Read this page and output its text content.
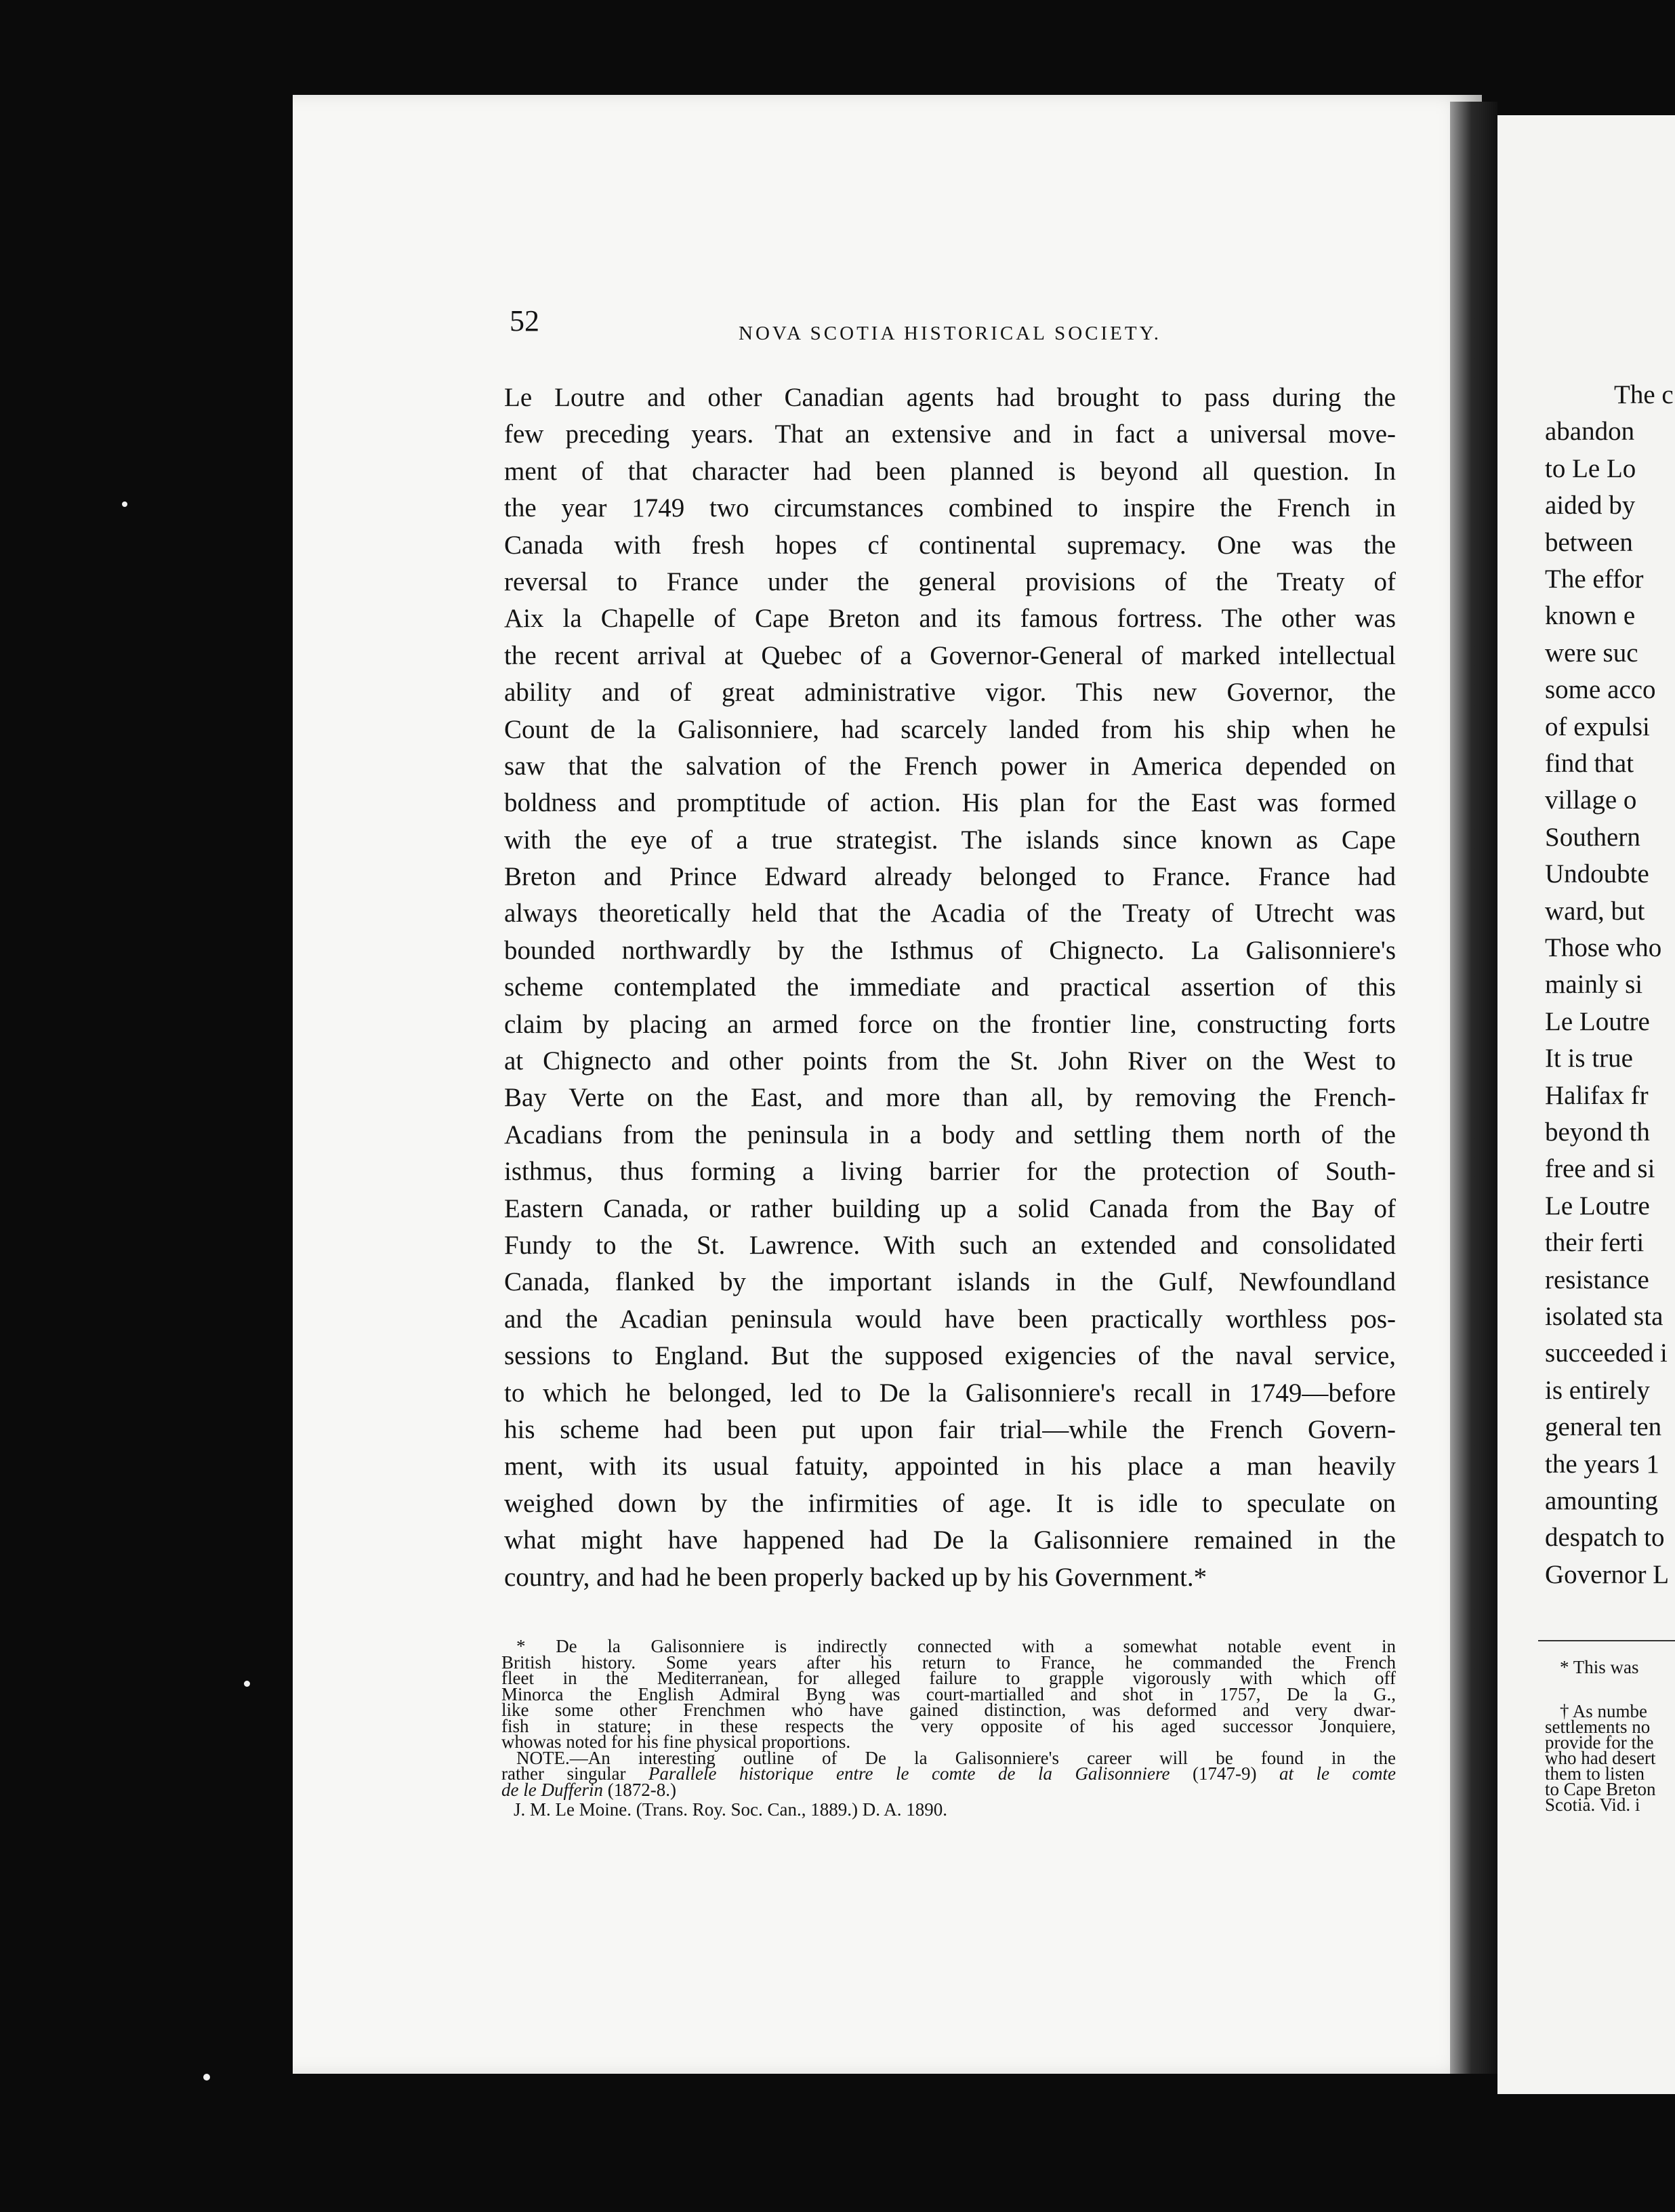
The c
abandon
to Le Lo
aided by
between
The effor
known e
were suc
some acco
of expulsi
find that
village o
Southern
Undoubte
ward, but
Those who
mainly si
Le Loutre
It is true
Halifax fr
beyond th
free and si
Le Loutre
their ferti
resistance
isolated sta
succeeded i
is entirely
general ten
the years 1
amounting
despatch to
Governor L
* This was
† As numbe
settlements no
provide for the
who had desert
them to listen
to Cape Breton
Scotia. Vid. i
52	NOVA SCOTIA HISTORICAL SOCIETY.
Le Loutre and other Canadian agents had brought to pass during the
few preceding years. That an extensive and in fact a universal move-
ment of that character had been planned is beyond all question. In
the year 1749 two circumstances combined to inspire the French in
Canada with fresh hopes cf continental supremacy. One was the
reversal to France under the general provisions of the Treaty of
Aix la Chapelle of Cape Breton and its famous fortress. The other was
the recent arrival at Quebec of a Governor-General of marked intellectual
ability and of great administrative vigor. This new Governor, the
Count de la Galisonniere, had scarcely landed from his ship when he
saw that the salvation of the French power in America depended on
boldness and promptitude of action. His plan for the East was formed
with the eye of a true strategist. The islands since known as Cape
Breton and Prince Edward already belonged to France. France had
always theoretically held that the Acadia of the Treaty of Utrecht was
bounded northwardly by the Isthmus of Chignecto. La Galisonniere's
scheme contemplated the immediate and practical assertion of this
claim by placing an armed force on the frontier line, constructing forts
at Chignecto and other points from the St. John River on the West to
Bay Verte on the East, and more than all, by removing the French-
Acadians from the peninsula in a body and settling them north of the
isthmus, thus forming a living barrier for the protection of South-
Eastern Canada, or rather building up a solid Canada from the Bay of
Fundy to the St. Lawrence. With such an extended and consolidated
Canada, flanked by the important islands in the Gulf, Newfoundland
and the Acadian peninsula would have been practically worthless pos-
sessions to England. But the supposed exigencies of the naval service,
to which he belonged, led to De la Galisonniere's recall in 1749—before
his scheme had been put upon fair trial—while the French Govern-
ment, with its usual fatuity, appointed in his place a man heavily
weighed down by the infirmities of age. It is idle to speculate on
what might have happened had De la Galisonniere remained in the
country, and had he been properly backed up by his Government.*
* De la Galisonniere is indirectly connected with a somewhat notable event in
British history. Some years after his return to France, he commanded the French
fleet in the Mediterranean, for alleged failure to grapple vigorously with which off
Minorca the English Admiral Byng was court-martialled and shot in 1757, De la G.,
like some other Frenchmen who have gained distinction, was deformed and very dwar-
fish in stature; in these respects the very opposite of his aged successor Jonquiere,
whowas noted for his fine physical proportions.
NOTE.—An interesting outline of De la Galisonniere's career will be found in the
rather singular Parallele historique entre le comte de la Galisonniere (1747-9) at le comte
de le Dufferin (1872-8.)
J. M. Le Moine. (Trans. Roy. Soc. Can., 1889.) D. A. 1890.
